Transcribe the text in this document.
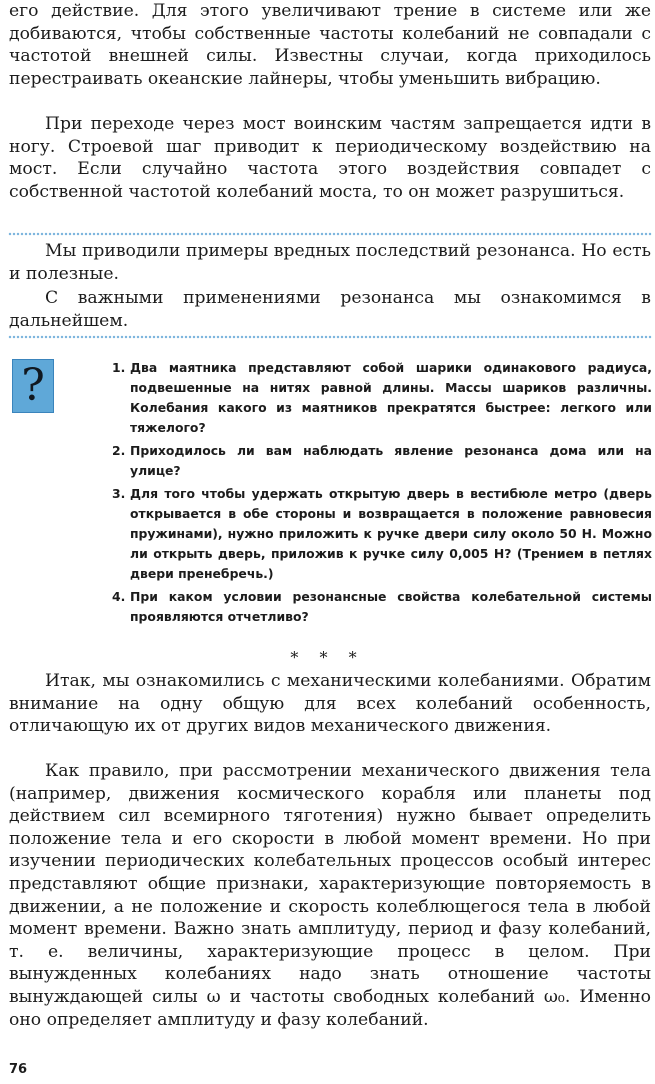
его действие. Для этого увеличивают трение в системе или же добиваются, чтобы собственные частоты колебаний не совпадали с частотой внешней силы. Известны случаи, когда приходилось перестраивать океанские лайнеры, чтобы уменьшить вибрацию.

При переходе через мост воинским частям запрещается идти в ногу. Строевой шаг приводит к периодическому воздействию на мост. Если случайно частота этого воздействия совпадет с собственной частотой колебаний моста, то он может разрушиться.

Мы приводили примеры вредных последствий резонанса. Но есть и полезные.

С важными применениями резонанса мы ознакомимся в дальнейшем.

?	1. Два маятника представляют собой шарики одинакового радиуса, подвешенные на нитях равной длины. Массы шариков различны. Колебания какого из маятников прекратятся быстрее: легкого или тяжелого?
2. Приходилось ли вам наблюдать явление резонанса дома или на улице?
3. Для того чтобы удержать открытую дверь в вестибюле метро (дверь открывается в обе стороны и возвращается в положение равновесия пружинами), нужно приложить к ручке двери силу около 50 Н. Можно ли открыть дверь, приложив к ручке силу 0,005 Н? (Трением в петлях двери пренебречь.)
4. При каком условии резонансные свойства колебательной системы проявляются отчетливо?
* * *

Итак, мы ознакомились с механическими колебаниями. Обратим внимание на одну общую для всех колебаний особенность, отличающую их от других видов механического движения.

Как правило, при рассмотрении механического движения тела (например, движения космического корабля или планеты под действием сил всемирного тяготения) нужно бывает определить положение тела и его скорости в любой момент времени. Но при изучении периодических колебательных процессов особый интерес представляют общие признаки, характеризующие повторяемость в движении, а не положение и скорость колеблющегося тела в любой момент времени. Важно знать амплитуду, период и фазу колебаний, т. е. величины, характеризующие процесс в целом. При вынужденных колебаниях надо знать отношение частоты вынуждающей силы ω и частоты свободных колебаний ω₀. Именно оно определяет амплитуду и фазу колебаний.

76
